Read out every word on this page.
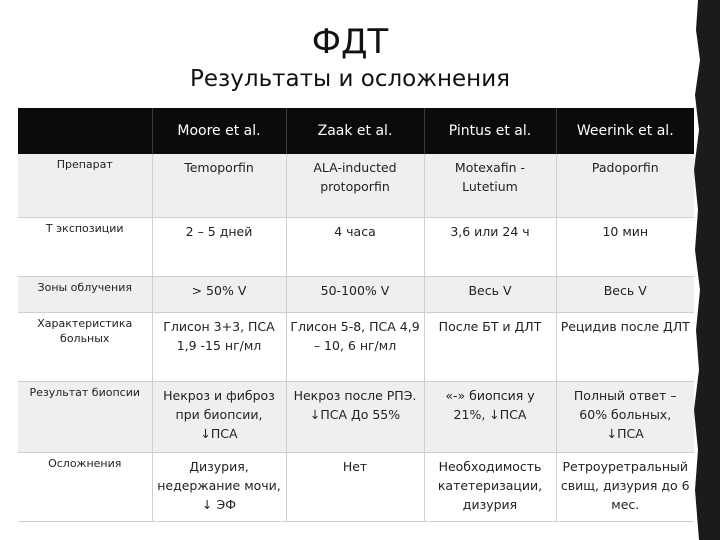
ФДТ
Результаты и осложнения
	Moore et al.	Zaak et al.	Pintus et al.	Weerink et al.
Препарат	Temoporfin	ALA-inducted protoporfin	Motexafin - Lutetium	Padoporfin
T экспозиции	2 – 5 дней	4 часа	3,6 или 24 ч	10 мин
Зоны облучения	> 50% V	50-100% V	Весь V	Весь V
Характеристика больных	Глисон 3+3, ПСА 1,9 -15 нг/мл	Глисон 5-8, ПСА 4,9 – 10, 6 нг/мл	После БТ и ДЛТ	Рецидив после ДЛТ
Результат биопсии	Некроз и фиброз при биопсии, ↓ПСА	Некроз после РПЭ. ↓ПСА До 55%	«-» биопсия у 21%, ↓ПСА	Полный ответ – 60% больных, ↓ПСА
Осложнения	Дизурия, недержание мочи, ↓ ЭФ	Нет	Необходимость катетеризации, дизурия	Ретроуретральный свищ, дизурия до 6 мес.
